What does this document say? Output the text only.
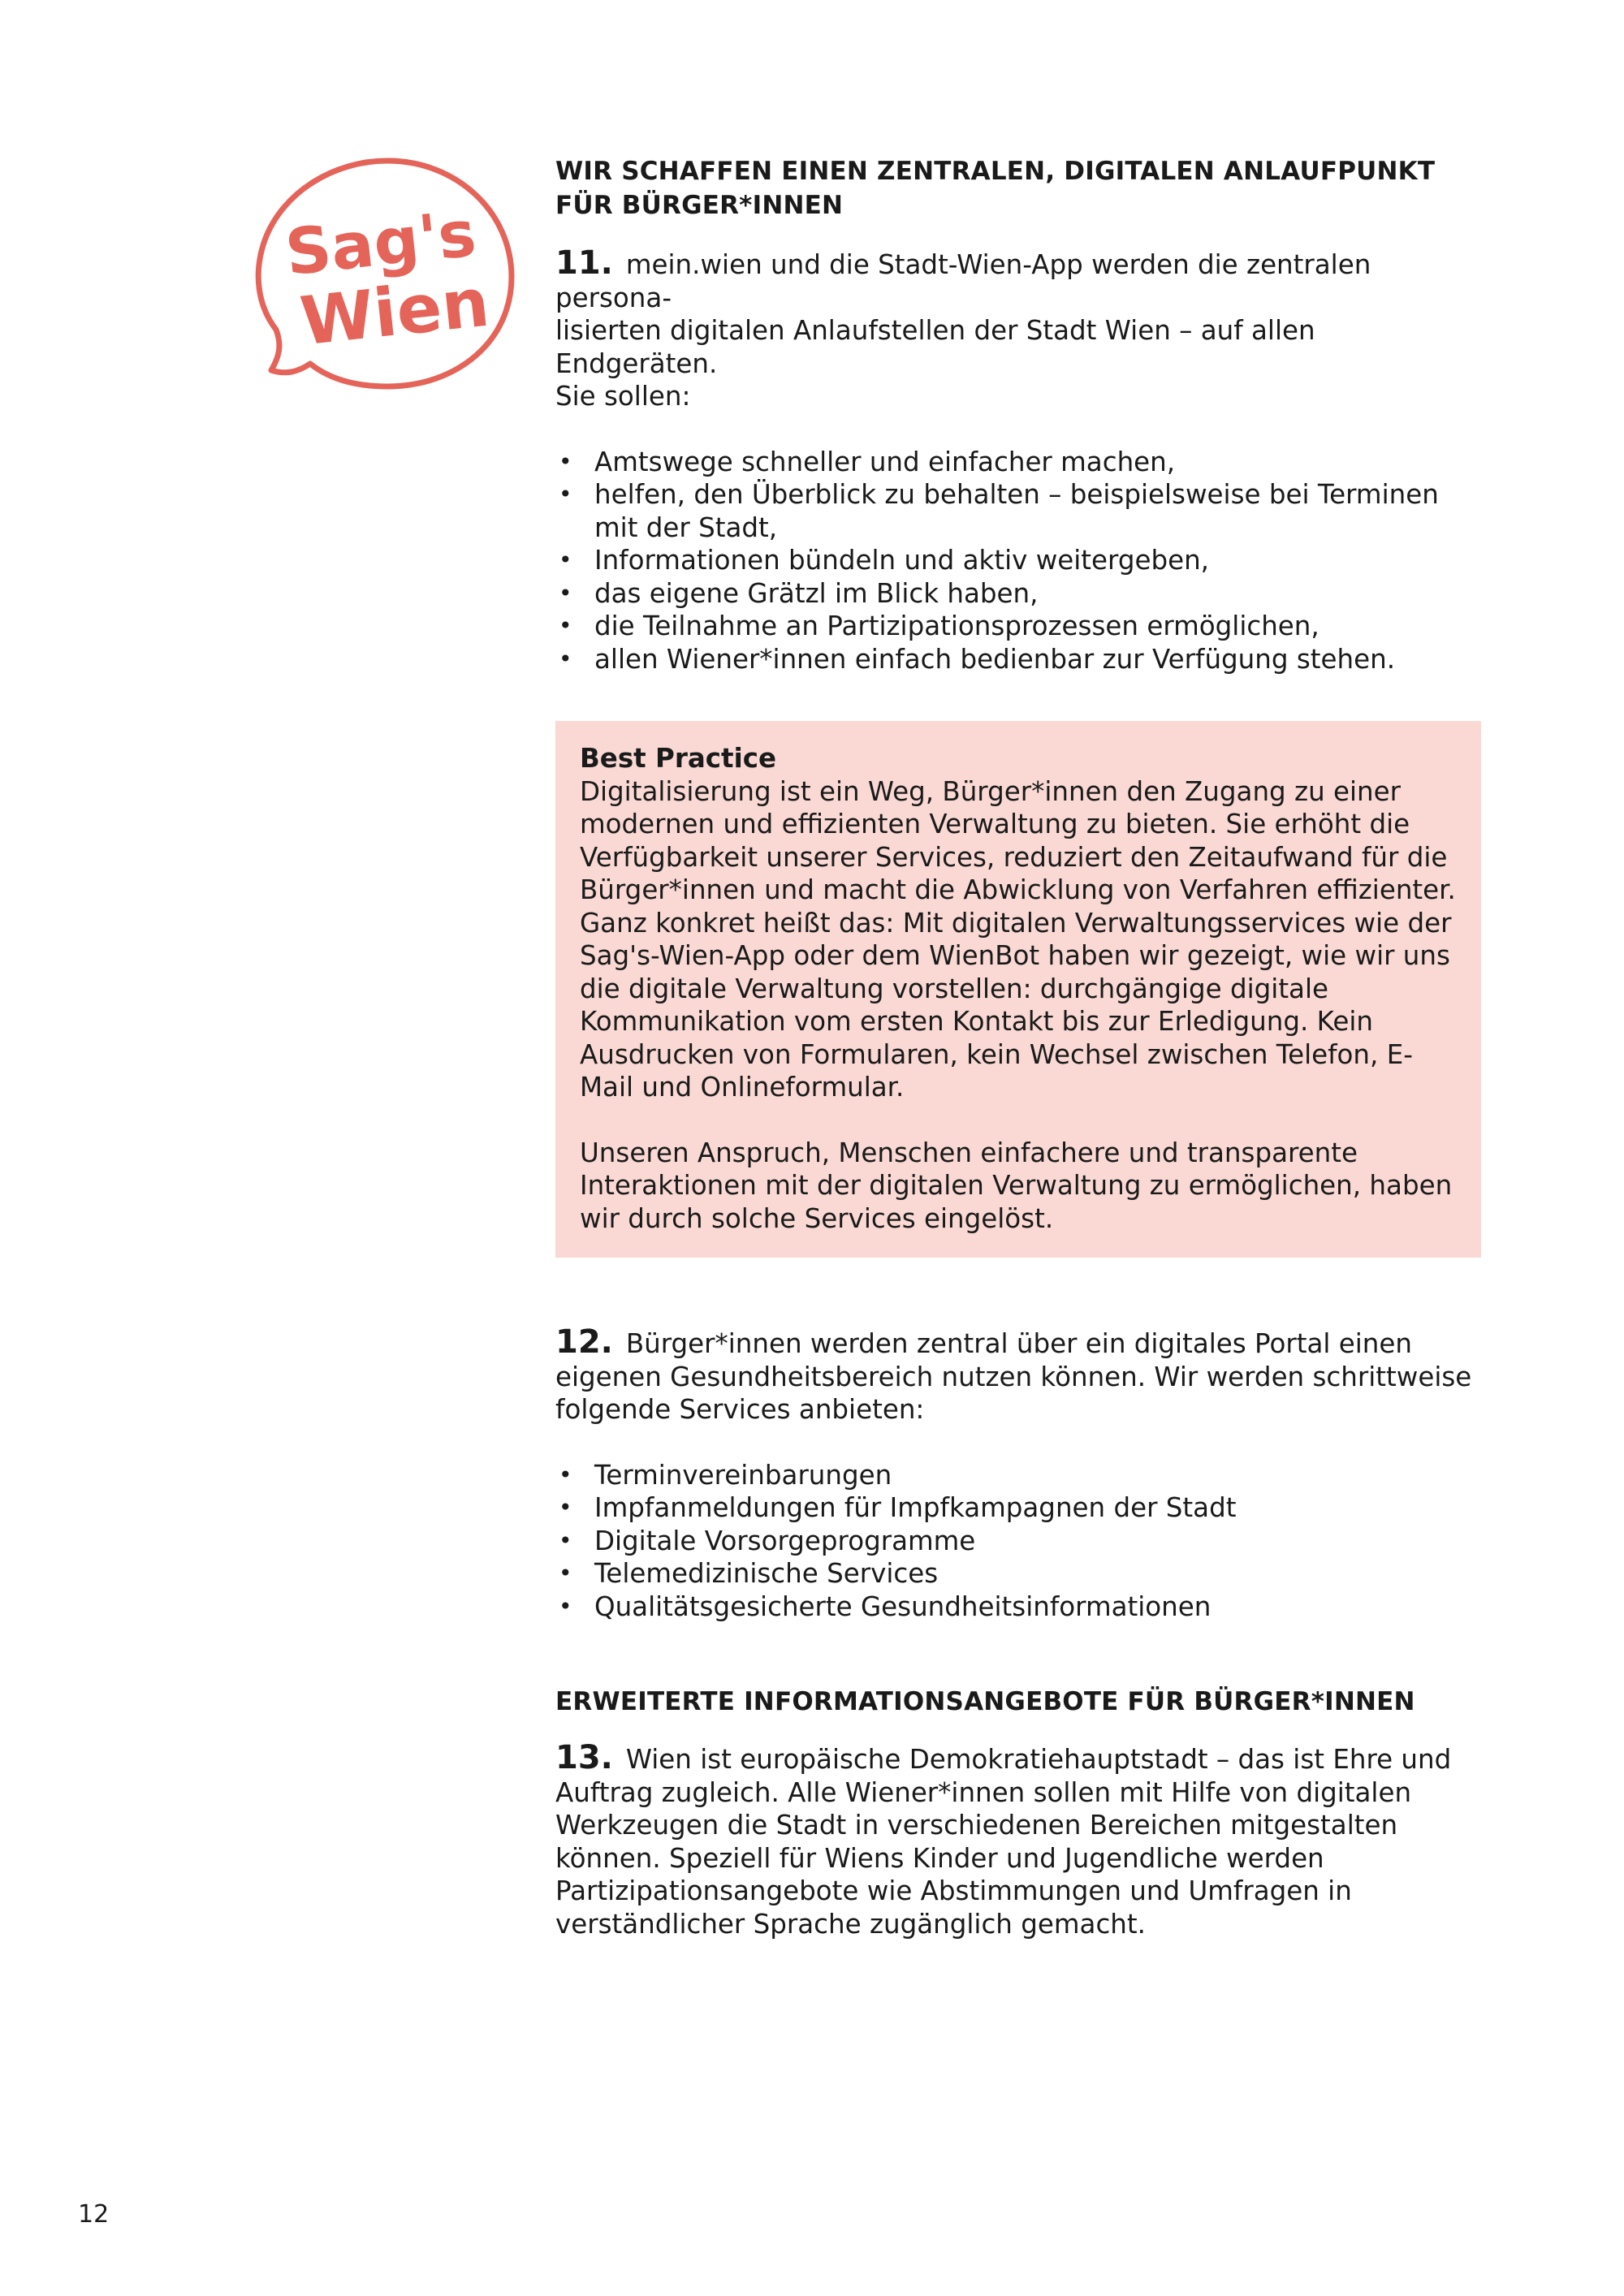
Sag's
Wien

WIR SCHAFFEN EINEN ZENTRALEN, DIGITALEN ANLAUFPUNKT
FÜR BÜRGER*INNEN

11. mein.wien und die Stadt-Wien-App werden die zentralen persona-
lisierten digitalen Anlaufstellen der Stadt Wien – auf allen Endgeräten.
Sie sollen:

• Amtswege schneller und einfacher machen,
• helfen, den Überblick zu behalten – beispielsweise bei Terminen mit der Stadt,
• Informationen bündeln und aktiv weitergeben,
• das eigene Grätzl im Blick haben,
• die Teilnahme an Partizipationsprozessen ermöglichen,
• allen Wiener*innen einfach bedienbar zur Verfügung stehen.

Best Practice

Digitalisierung ist ein Weg, Bürger*innen den Zugang zu einer modernen und effizienten Verwaltung zu bieten. Sie erhöht die Verfügbarkeit unserer Services, reduziert den Zeitaufwand für die Bürger*innen und macht die Abwicklung von Verfahren effizienter. Ganz konkret heißt das: Mit digitalen Verwaltungsservices wie der Sag's-Wien-App oder dem WienBot haben wir gezeigt, wie wir uns die digitale Verwaltung vorstellen: durchgängige digitale Kommunikation vom ersten Kontakt bis zur Erledigung. Kein Ausdrucken von Formularen, kein Wechsel zwischen Telefon, E-Mail und Onlineformular.

Unseren Anspruch, Menschen einfachere und transparente Interaktionen mit der digitalen Verwaltung zu ermöglichen, haben wir durch solche Services eingelöst.

12. Bürger*innen werden zentral über ein digitales Portal einen eigenen Gesundheitsbereich nutzen können. Wir werden schrittweise folgende Services anbieten:

• Terminvereinbarungen
• Impfanmeldungen für Impfkampagnen der Stadt
• Digitale Vorsorgeprogramme
• Telemedizinische Services
• Qualitätsgesicherte Gesundheitsinformationen

ERWEITERTE INFORMATIONSANGEBOTE FÜR BÜRGER*INNEN

13. Wien ist europäische Demokratiehauptstadt – das ist Ehre und Auftrag zugleich. Alle Wiener*innen sollen mit Hilfe von digitalen Werkzeugen die Stadt in verschiedenen Bereichen mitgestalten können. Speziell für Wiens Kinder und Jugendliche werden Partizipationsangebote wie Abstimmungen und Umfragen in verständlicher Sprache zugänglich gemacht.

12
